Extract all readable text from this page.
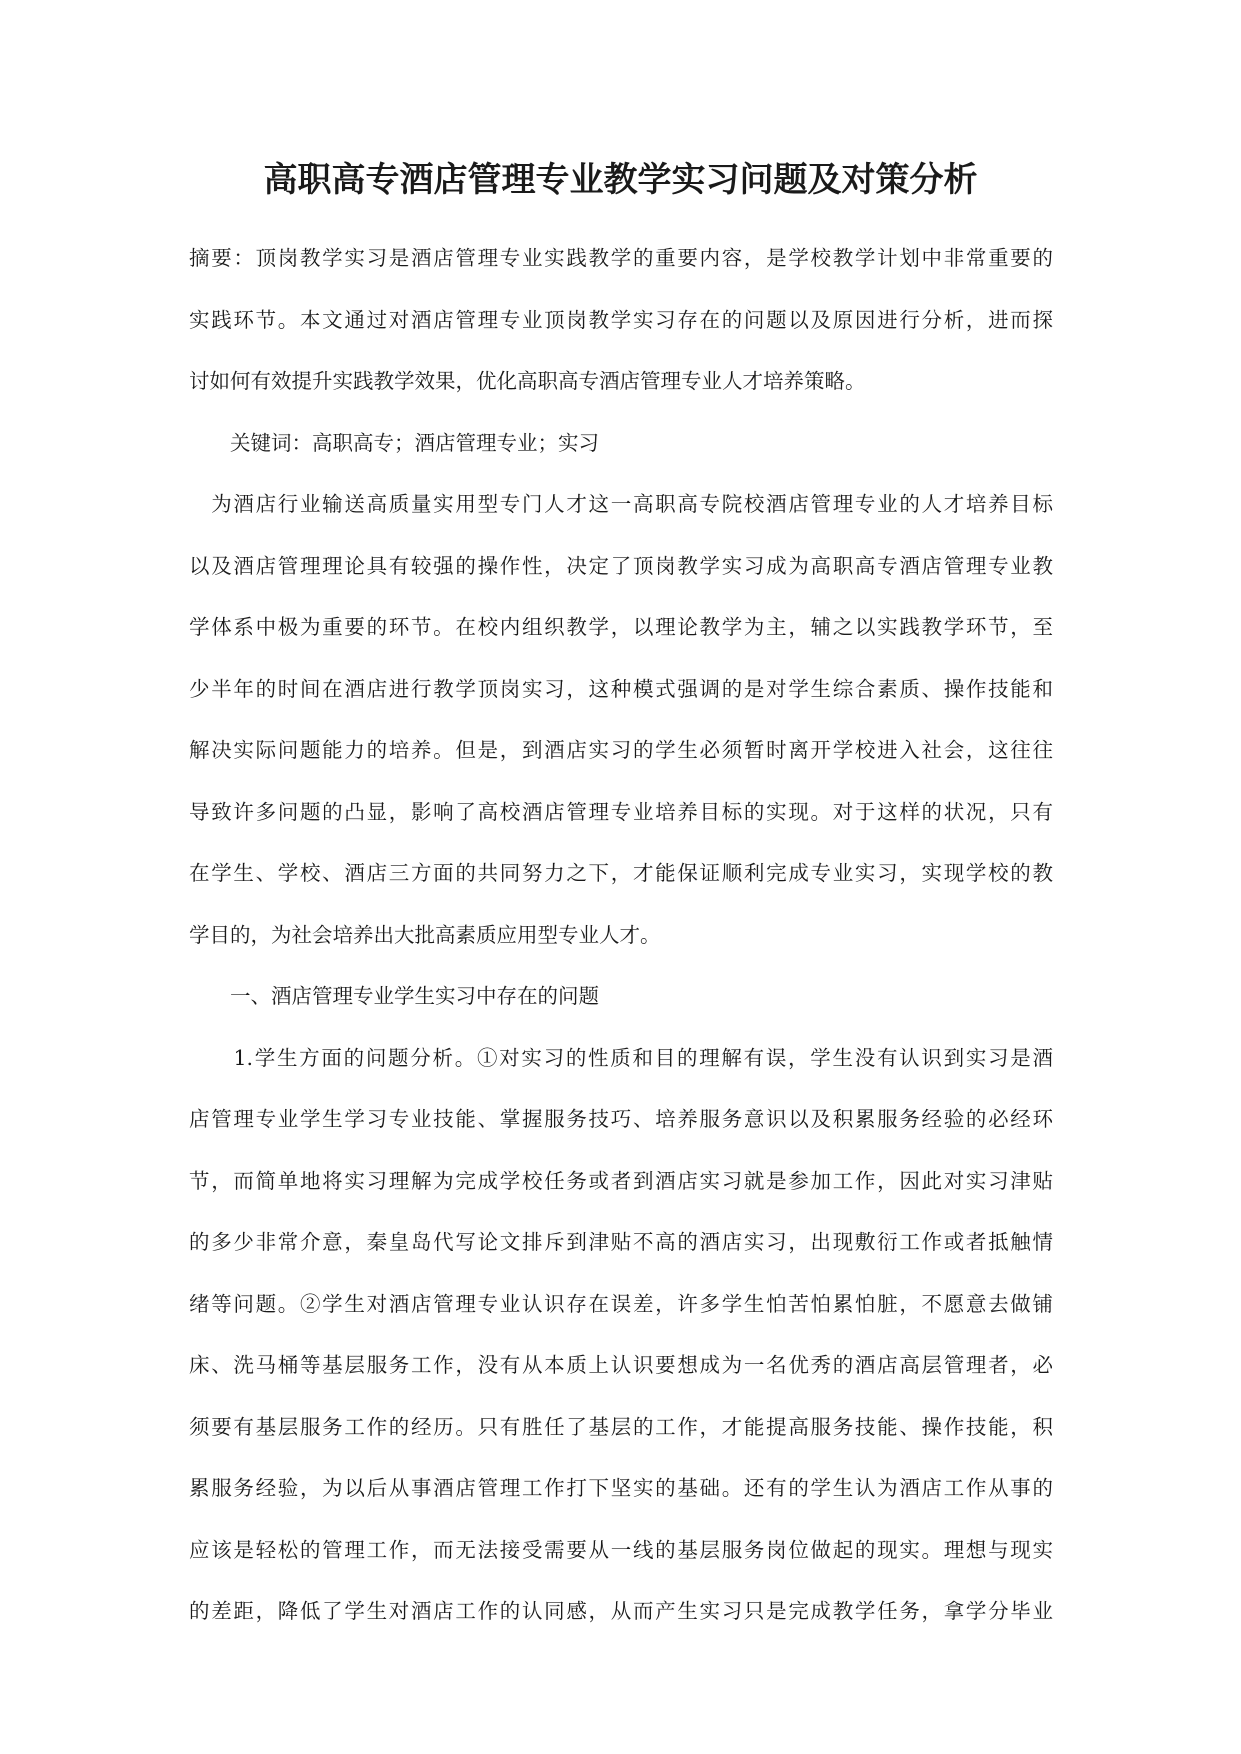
高职高专酒店管理专业教学实习问题及对策分析
摘要：顶岗教学实习是酒店管理专业实践教学的重要内容，是学校教学计划中非常重要的
实践环节。本文通过对酒店管理专业顶岗教学实习存在的问题以及原因进行分析，进而探
讨如何有效提升实践教学效果，优化高职高专酒店管理专业人才培养策略。
　　关键词：高职高专；酒店管理专业；实习
　为酒店行业输送高质量实用型专门人才这一高职高专院校酒店管理专业的人才培养目标
以及酒店管理理论具有较强的操作性，决定了顶岗教学实习成为高职高专酒店管理专业教
学体系中极为重要的环节。在校内组织教学，以理论教学为主，辅之以实践教学环节，至
少半年的时间在酒店进行教学顶岗实习，这种模式强调的是对学生综合素质、操作技能和
解决实际问题能力的培养。但是，到酒店实习的学生必须暂时离开学校进入社会，这往往
导致许多问题的凸显，影响了高校酒店管理专业培养目标的实现。对于这样的状况，只有
在学生、学校、酒店三方面的共同努力之下，才能保证顺利完成专业实习，实现学校的教
学目的，为社会培养出大批高素质应用型专业人才。
　　一、酒店管理专业学生实习中存在的问题
　　1.学生方面的问题分析。①对实习的性质和目的理解有误，学生没有认识到实习是酒
店管理专业学生学习专业技能、掌握服务技巧、培养服务意识以及积累服务经验的必经环
节，而简单地将实习理解为完成学校任务或者到酒店实习就是参加工作，因此对实习津贴
的多少非常介意，秦皇岛代写论文排斥到津贴不高的酒店实习，出现敷衍工作或者抵触情
绪等问题。②学生对酒店管理专业认识存在误差，许多学生怕苦怕累怕脏，不愿意去做铺
床、洗马桶等基层服务工作，没有从本质上认识要想成为一名优秀的酒店高层管理者，必
须要有基层服务工作的经历。只有胜任了基层的工作，才能提高服务技能、操作技能，积
累服务经验，为以后从事酒店管理工作打下坚实的基础。还有的学生认为酒店工作从事的
应该是轻松的管理工作，而无法接受需要从一线的基层服务岗位做起的现实。理想与现实
的差距，降低了学生对酒店工作的认同感，从而产生实习只是完成教学任务，拿学分毕业
